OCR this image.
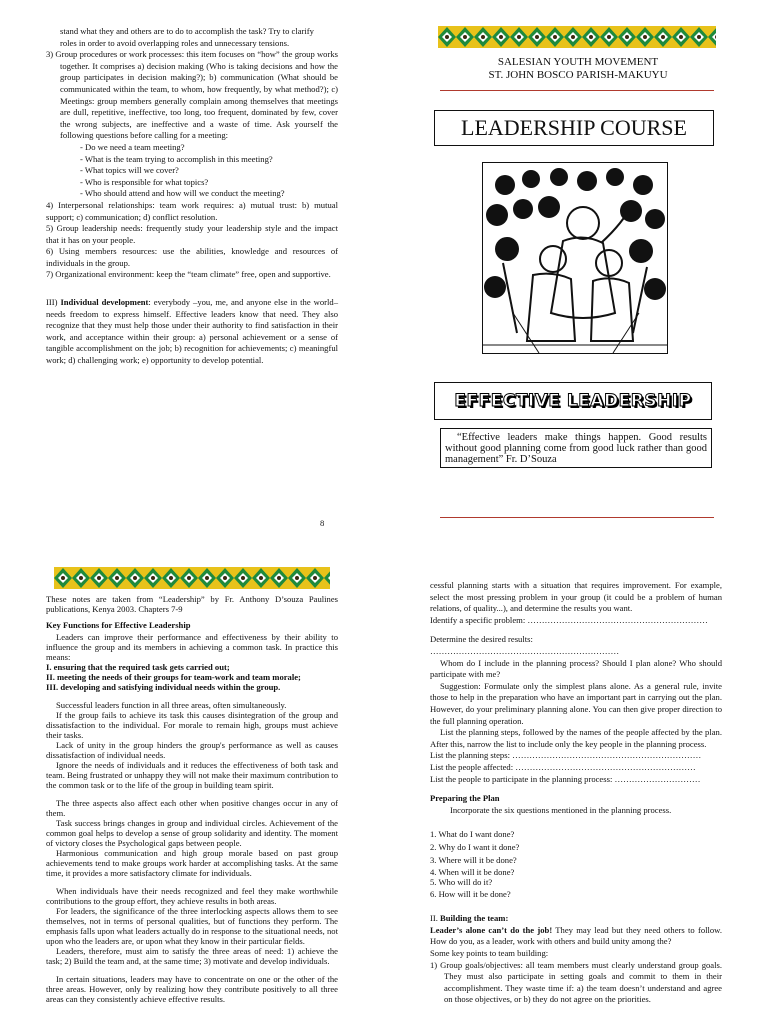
stand what they and others are to do to accomplish the task? Try to clarify
roles in order to avoid overlapping roles and unnecessary tensions.

3) Group procedures or work processes: this item focuses on “how” the group works together. It comprises a) decision making (Who is taking decisions and how the group participates in decision making?); b) communication (What should be communicated within the team, to whom, how frequently, by what method?); c) Meetings: group members generally complain among themselves that meetings are dull, repetitive, ineffective, too long, too frequent, dominated by few, cover the wrong subjects, are ineffective and a waste of time. Ask yourself the following questions before calling for a meeting:

- Do we need a team meeting?
- What is the team trying to accomplish in this meeting?
- What topics will we cover?
- Who is responsible for what topics?
- Who should attend and how will we conduct the meeting?

4) Interpersonal relationships: team work requires: a) mutual trust: b) mutual support; c) communication; d) conflict resolution.

5) Group leadership needs: frequently study your leadership style and the impact that it has on your people.

6) Using members resources: use the abilities, knowledge and resources of individuals in the group.

7) Organizational environment: keep the “team climate” free, open and supportive.

III) Individual development: everybody –you, me, and anyone else in the world– needs freedom to express himself. Effective leaders know that need. They also recognize that they must help those under their authority to find satisfaction in their work, and acceptance within their group: a) personal achievement or a sense of tangible accomplishment on the job; b) recognition for achievements; c) meaningful work; d) challenging work; e) opportunity to develop potential.

8
SALESIAN YOUTH MOVEMENT
ST. JOHN BOSCO PARISH-MAKUYU
LEADERSHIP COURSE
EFFECTIVE LEADERSHIP
“Effective leaders make things happen. Good results without good planning come from good luck rather than good management” Fr. D’Souza

These notes are taken from “Leadership” by Fr. Anthony D’souza Paulines publications, Kenya 2003. Chapters 7-9

Key Functions for Effective Leadership

Leaders can improve their performance and effectiveness by their ability to influence the group and its members in achieving a common task. In practice this means:

I. ensuring that the required task gets carried out;
II. meeting the needs of their groups for team-work and team morale;
III. developing and satisfying individual needs within the group.

Successful leaders function in all three areas, often simultaneously.

If the group fails to achieve its task this causes disintegration of the group and dissatisfaction to the individual. For morale to remain high, groups must achieve their tasks.

Lack of unity in the group hinders the group's performance as well as causes dissatisfaction of individual needs.

Ignore the needs of individuals and it reduces the effectiveness of both task and team. Being frustrated or unhappy they will not make their maximum contribution to the common task or to the life of the group in building team spirit.

The three aspects also affect each other when positive changes occur in any of them.

Task success brings changes in group and individual circles. Achievement of the common goal helps to develop a sense of group solidarity and identity. The moment of victory closes the Psychological gaps between people.

Harmonious communication and high group morale based on past group achievements tend to make groups work harder at accomplishing tasks. At the same time, it provides a more satisfactory climate for individuals.

When individuals have their needs recognized and feel they make worthwhile contributions to the group effort, they achieve results in both areas.

For leaders, the significance of the three interlocking aspects allows them to see themselves, not in terms of personal qualities, but of functions they perform. The emphasis falls upon what leaders actually do in response to the situational needs, not upon who the leaders are, or upon what they know in their particular fields.

Leaders, therefore, must aim to satisfy the three areas of need: 1) achieve the task; 2) Build the team and, at the same time; 3) motivate and develop individuals.

In certain situations, leaders may have to concentrate on one or the other of the three areas. However, only by realizing how they contribute positively to all three areas can they consistently achieve effective results.

cessful planning starts with a situation that requires improvement. For example, select the most pressing problem in your group (it could be a problem of human relations, of quality...), and determine the results you want.

Identify a specific problem: ………………………………………………………

Determine the desired results: …………………………………………………………

Whom do I include in the planning process? Should I plan alone? Who should participate with me?

Suggestion: Formulate only the simplest plans alone. As a general rule, invite those to help in the preparation who have an important part in carrying out the plan. However, do your preliminary planning alone. You can then give proper direction to the full planning operation.

List the planning steps, followed by the names of the people affected by the plan. After this, narrow the list to include only the key people in the planning process.

List the planning steps: …………………………………………………………

List the people affected: ………………………………………………………

List the people to participate in the planning process: …………………………

Preparing the Plan

Incorporate the six questions mentioned in the planning process.

1. What do I want done?
2. Why do I want it done?
3. Where will it be done?
4. When will it be done?
5. Who will do it?
6. How will it be done?

II. Building the team:

Leader’s alone can’t do the job! They may lead but they need others to follow. How do you, as a leader, work with others and build unity among the?

Some key points to team building:

1) Group goals/objectives: all team members must clearly understand group goals. They must also participate in setting goals and commit to them in their accomplishment. They waste time if: a) the team doesn’t understand and agree on those objectives, or b) they do not agree on the priorities.
